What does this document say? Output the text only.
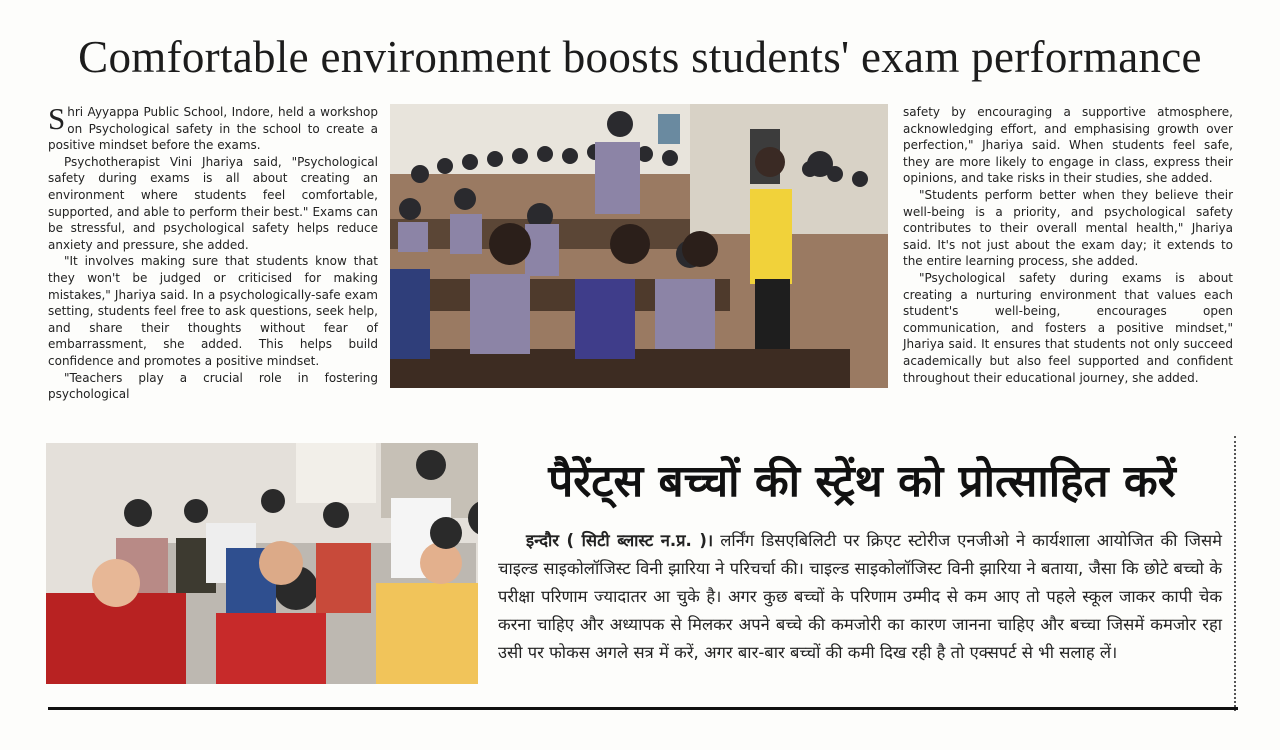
Comfortable environment boosts students' exam performance

Shri Ayyappa Public School, Indore, held a workshop on Psychological safety in the school to create a positive mindset before the exams.

Psychotherapist Vini Jhariya said, "Psychological safety during exams is all about creating an environment where students feel comfortable, supported, and able to perform their best." Exams can be stressful, and psychological safety helps reduce anxiety and pressure, she added.

"It involves making sure that students know that they won't be judged or criticised for making mistakes," Jhariya said. In a psychologically-safe exam setting, students feel free to ask questions, seek help, and share their thoughts without fear of embarrassment, she added. This helps build confidence and promotes a positive mindset.

"Teachers play a crucial role in fostering psychological

safety by encouraging a supportive atmosphere, acknowledging effort, and emphasising growth over perfection," Jhariya said. When students feel safe, they are more likely to engage in class, express their opinions, and take risks in their studies, she added.

"Students perform better when they believe their well-being is a priority, and psychological safety contributes to their overall mental health," Jhariya said. It's not just about the exam day; it extends to the entire learning process, she added.

"Psychological safety during exams is about creating a nurturing environment that values each student's well-being, encourages open communication, and fosters a positive mindset," Jhariya said. It ensures that students not only succeed academically but also feel supported and confident throughout their educational journey, she added.

पैरेंट्स बच्चों की स्ट्रेंथ को प्रोत्साहित करें

इन्दौर ( सिटी ब्लास्ट न.प्र. )। लर्निंग डिसएबिलिटी पर क्रिएट स्टोरीज एनजीओ ने कार्यशाला आयोजित की जिसमे चाइल्ड साइकोलॉजिस्ट विनी झारिया ने परिचर्चा की। चाइल्ड साइकोलॉजिस्ट विनी झारिया ने बताया, जैसा कि छोटे बच्चो के परीक्षा परिणाम ज्यादातर आ चुके है। अगर कुछ बच्चों के परिणाम उम्मीद से कम आए तो पहले स्कूल जाकर कापी चेक करना चाहिए और अध्यापक से मिलकर अपने बच्चे की कमजोरी का कारण जानना चाहिए और बच्चा जिसमें कमजोर रहा उसी पर फोकस अगले सत्र में करें, अगर बार-बार बच्चों की कमी दिख रही है तो एक्सपर्ट से भी सलाह लें।
